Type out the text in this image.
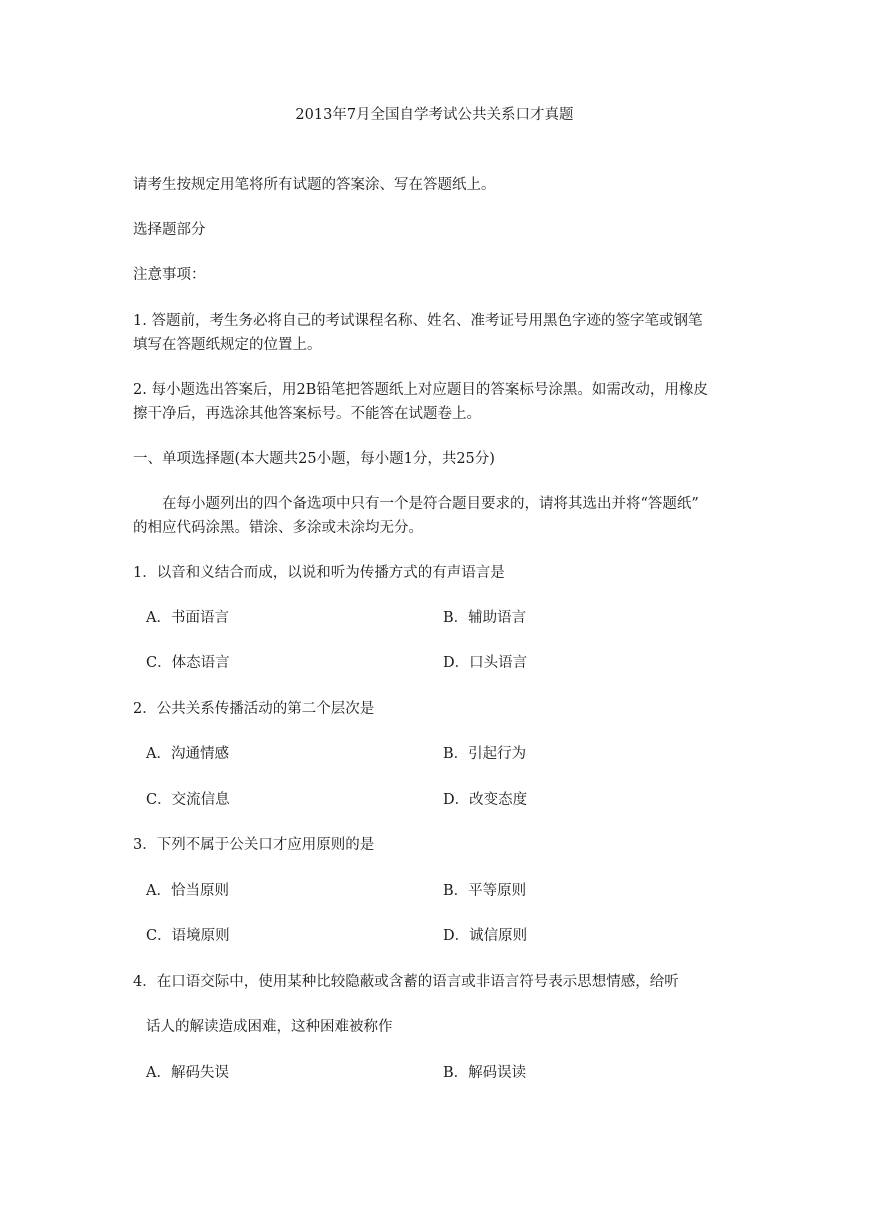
2013年7月全国自学考试公共关系口才真题
请考生按规定用笔将所有试题的答案涂、写在答题纸上。
选择题部分
注意事项：
1. 答题前，考生务必将自己的考试课程名称、姓名、准考证号用黑色字迹的签字笔或钢笔
填写在答题纸规定的位置上。
2. 每小题选出答案后，用2B铅笔把答题纸上对应题目的答案标号涂黑。如需改动，用橡皮
擦干净后，再选涂其他答案标号。不能答在试题卷上。
一、单项选择题(本大题共25小题，每小题1分，共25分)
在每小题列出的四个备选项中只有一个是符合题目要求的，请将其选出并将“答题纸”
的相应代码涂黑。错涂、多涂或未涂均无分。
1．以音和义结合而成，以说和听为传播方式的有声语言是
A．书面语言	B．辅助语言
C．体态语言	D．口头语言
2．公共关系传播活动的第二个层次是
A．沟通情感	B．引起行为
C．交流信息	D．改变态度
3．下列不属于公关口才应用原则的是
A．恰当原则	B．平等原则
C．语境原则	D．诚信原则
4．在口语交际中，使用某种比较隐蔽或含蓄的语言或非语言符号表示思想情感，给听
话人的解读造成困难，这种困难被称作
A．解码失误	B．解码误读
